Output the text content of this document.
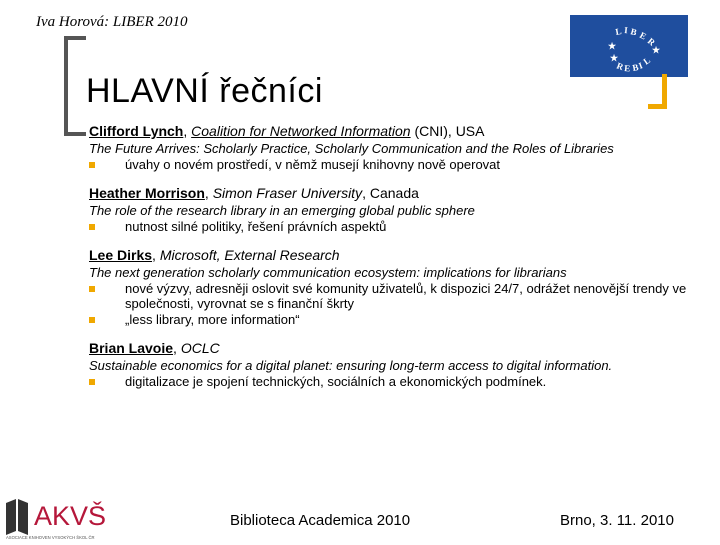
Iva Horová: LIBER 2010
L I B E
R
L
I
B
E
R
★
★
★
HLAVNÍ řečníci
Clifford Lynch, Coalition for Networked Information (CNI), USA
The Future Arrives: Scholarly Practice, Scholarly Communication and the Roles of Libraries
úvahy o novém prostředí, v němž musejí knihovny nově operovat
Heather Morrison, Simon Fraser University, Canada
The role of the research library in an emerging global public sphere
nutnost silné politiky, řešení právních aspektů
Lee Dirks, Microsoft, External Research
The next generation scholarly communication ecosystem: implications for librarians
nové výzvy, adresněji oslovit své komunity uživatelů, k dispozici 24/7, odrážet nenovější trendy ve společnosti, vyrovnat se s finanční škrty
„less library, more information“
Brian Lavoie, OCLC
Sustainable economics for a digital planet: ensuring long-term access to digital information.
digitalizace je spojení technických, sociálních a ekonomických podmínek.
AKVŠ
ASOCIACE KNIHOVEN VYSOKÝCH ŠKOL ČR
Biblioteca Academica 2010	Brno, 3. 11. 2010
